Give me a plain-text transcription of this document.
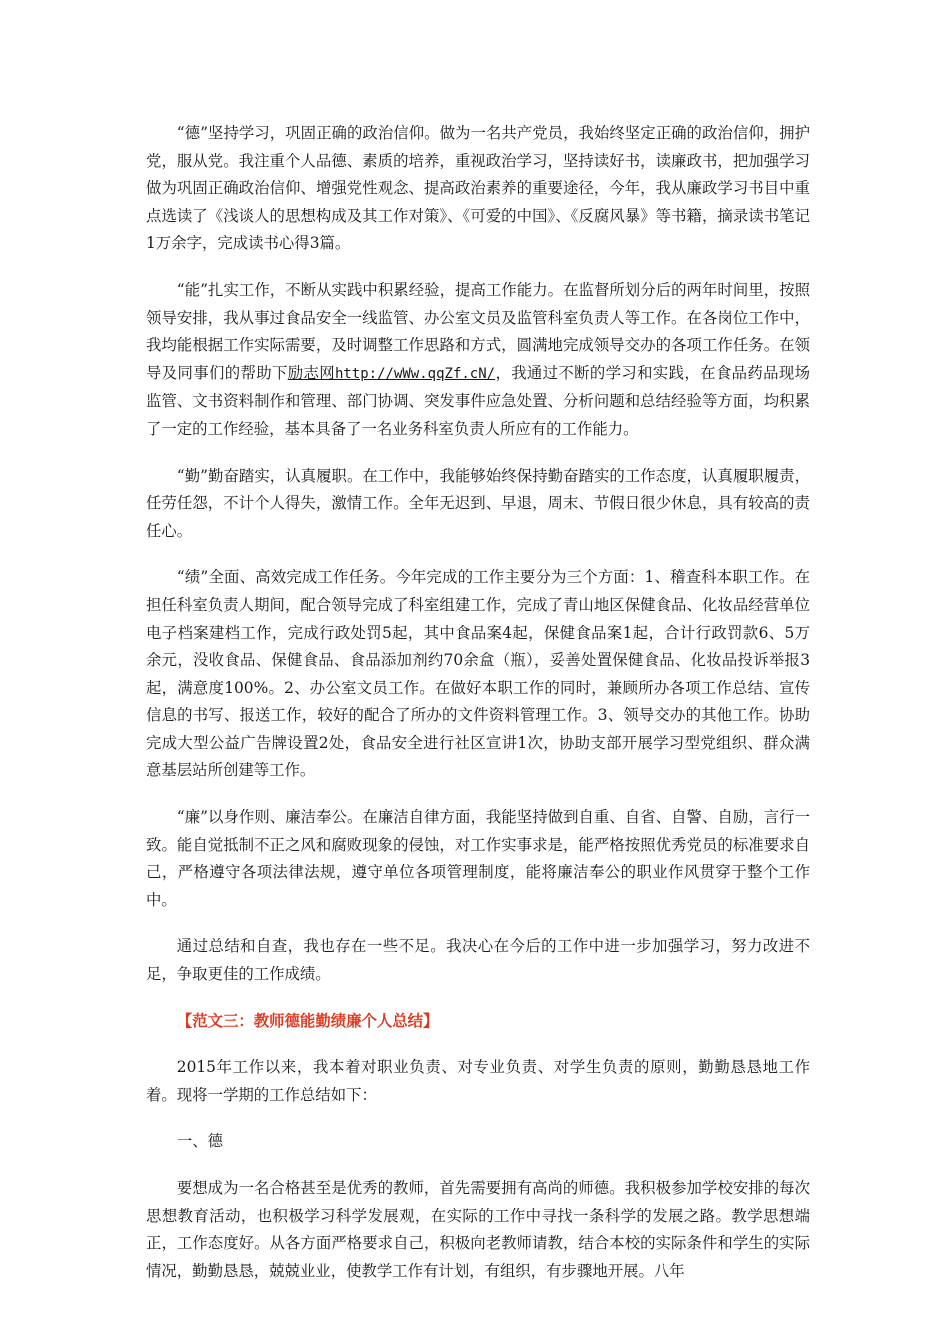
“德”坚持学习，巩固正确的政治信仰。做为一名共产党员，我始终坚定正确的政治信仰，拥护党，服从党。我注重个人品德、素质的培养，重视政治学习，坚持读好书，读廉政书，把加强学习做为巩固正确政治信仰、增强党性观念、提高政治素养的重要途径，今年，我从廉政学习书目中重点选读了《浅谈人的思想构成及其工作对策》、《可爱的中国》、《反腐风暴》等书籍，摘录读书笔记1万余字，完成读书心得3篇。

“能”扎实工作，不断从实践中积累经验，提高工作能力。在监督所划分后的两年时间里，按照领导安排，我从事过食品安全一线监管、办公室文员及监管科室负责人等工作。在各岗位工作中，我均能根据工作实际需要，及时调整工作思路和方式，圆满地完成领导交办的各项工作任务。在领导及同事们的帮助下励志网http://wWw.qqZf.cN/，我通过不断的学习和实践，在食品药品现场监管、文书资料制作和管理、部门协调、突发事件应急处置、分析问题和总结经验等方面，均积累了一定的工作经验，基本具备了一名业务科室负责人所应有的工作能力。

“勤”勤奋踏实，认真履职。在工作中，我能够始终保持勤奋踏实的工作态度，认真履职履责，任劳任怨，不计个人得失，激情工作。全年无迟到、早退，周末、节假日很少休息，具有较高的责任心。

“绩”全面、高效完成工作任务。今年完成的工作主要分为三个方面：1、稽查科本职工作。在担任科室负责人期间，配合领导完成了科室组建工作，完成了青山地区保健食品、化妆品经营单位电子档案建档工作，完成行政处罚5起，其中食品案4起，保健食品案1起，合计行政罚款6、5万余元，没收食品、保健食品、食品添加剂约70余盒（瓶），妥善处置保健食品、化妆品投诉举报3起，满意度100%。2、办公室文员工作。在做好本职工作的同时，兼顾所办各项工作总结、宣传信息的书写、报送工作，较好的配合了所办的文件资料管理工作。3、领导交办的其他工作。协助完成大型公益广告牌设置2处，食品安全进行社区宣讲1次，协助支部开展学习型党组织、群众满意基层站所创建等工作。

“廉”以身作则、廉洁奉公。在廉洁自律方面，我能坚持做到自重、自省、自警、自励，言行一致。能自觉抵制不正之风和腐败现象的侵蚀，对工作实事求是，能严格按照优秀党员的标准要求自己，严格遵守各项法律法规，遵守单位各项管理制度，能将廉洁奉公的职业作风贯穿于整个工作中。

通过总结和自查，我也存在一些不足。我决心在今后的工作中进一步加强学习，努力改进不足，争取更佳的工作成绩。

【范文三：教师德能勤绩廉个人总结】

2015年工作以来，我本着对职业负责、对专业负责、对学生负责的原则，勤勤恳恳地工作着。现将一学期的工作总结如下：

一、德

要想成为一名合格甚至是优秀的教师，首先需要拥有高尚的师德。我积极参加学校安排的每次思想教育活动，也积极学习科学发展观，在实际的工作中寻找一条科学的发展之路。教学思想端正，工作态度好。从各方面严格要求自己，积极向老教师请教，结合本校的实际条件和学生的实际情况，勤勤恳恳，兢兢业业，使教学工作有计划，有组织，有步骤地开展。八年
